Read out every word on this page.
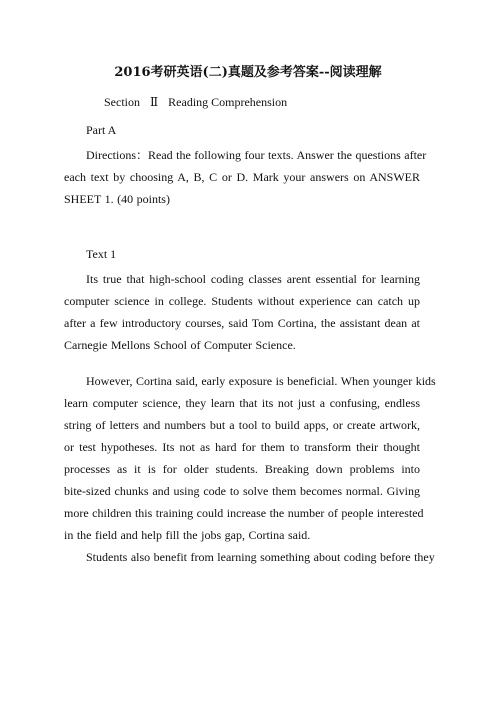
2016考研英语(二)真题及参考答案--阅读理解
Section Ⅱ Reading Comprehension
Part A
Directions：Read the following four texts. Answer the questions after
each text by choosing A, B, C or D. Mark your answers on ANSWER
SHEET 1. (40 points)
Text 1
Its true that high-school coding classes arent essential for learning
computer science in college. Students without experience can catch up
after a few introductory courses, said Tom Cortina, the assistant dean at
Carnegie Mellons School of Computer Science.
However, Cortina said, early exposure is beneficial. When younger kids
learn computer science, they learn that its not just a confusing, endless
string of letters and numbers but a tool to build apps, or create artwork,
or test hypotheses. Its not as hard for them to transform their thought
processes as it is for older students. Breaking down problems into
bite-sized chunks and using code to solve them becomes normal. Giving
more children this training could increase the number of people interested
in the field and help fill the jobs gap, Cortina said.
Students also benefit from learning something about coding before they
